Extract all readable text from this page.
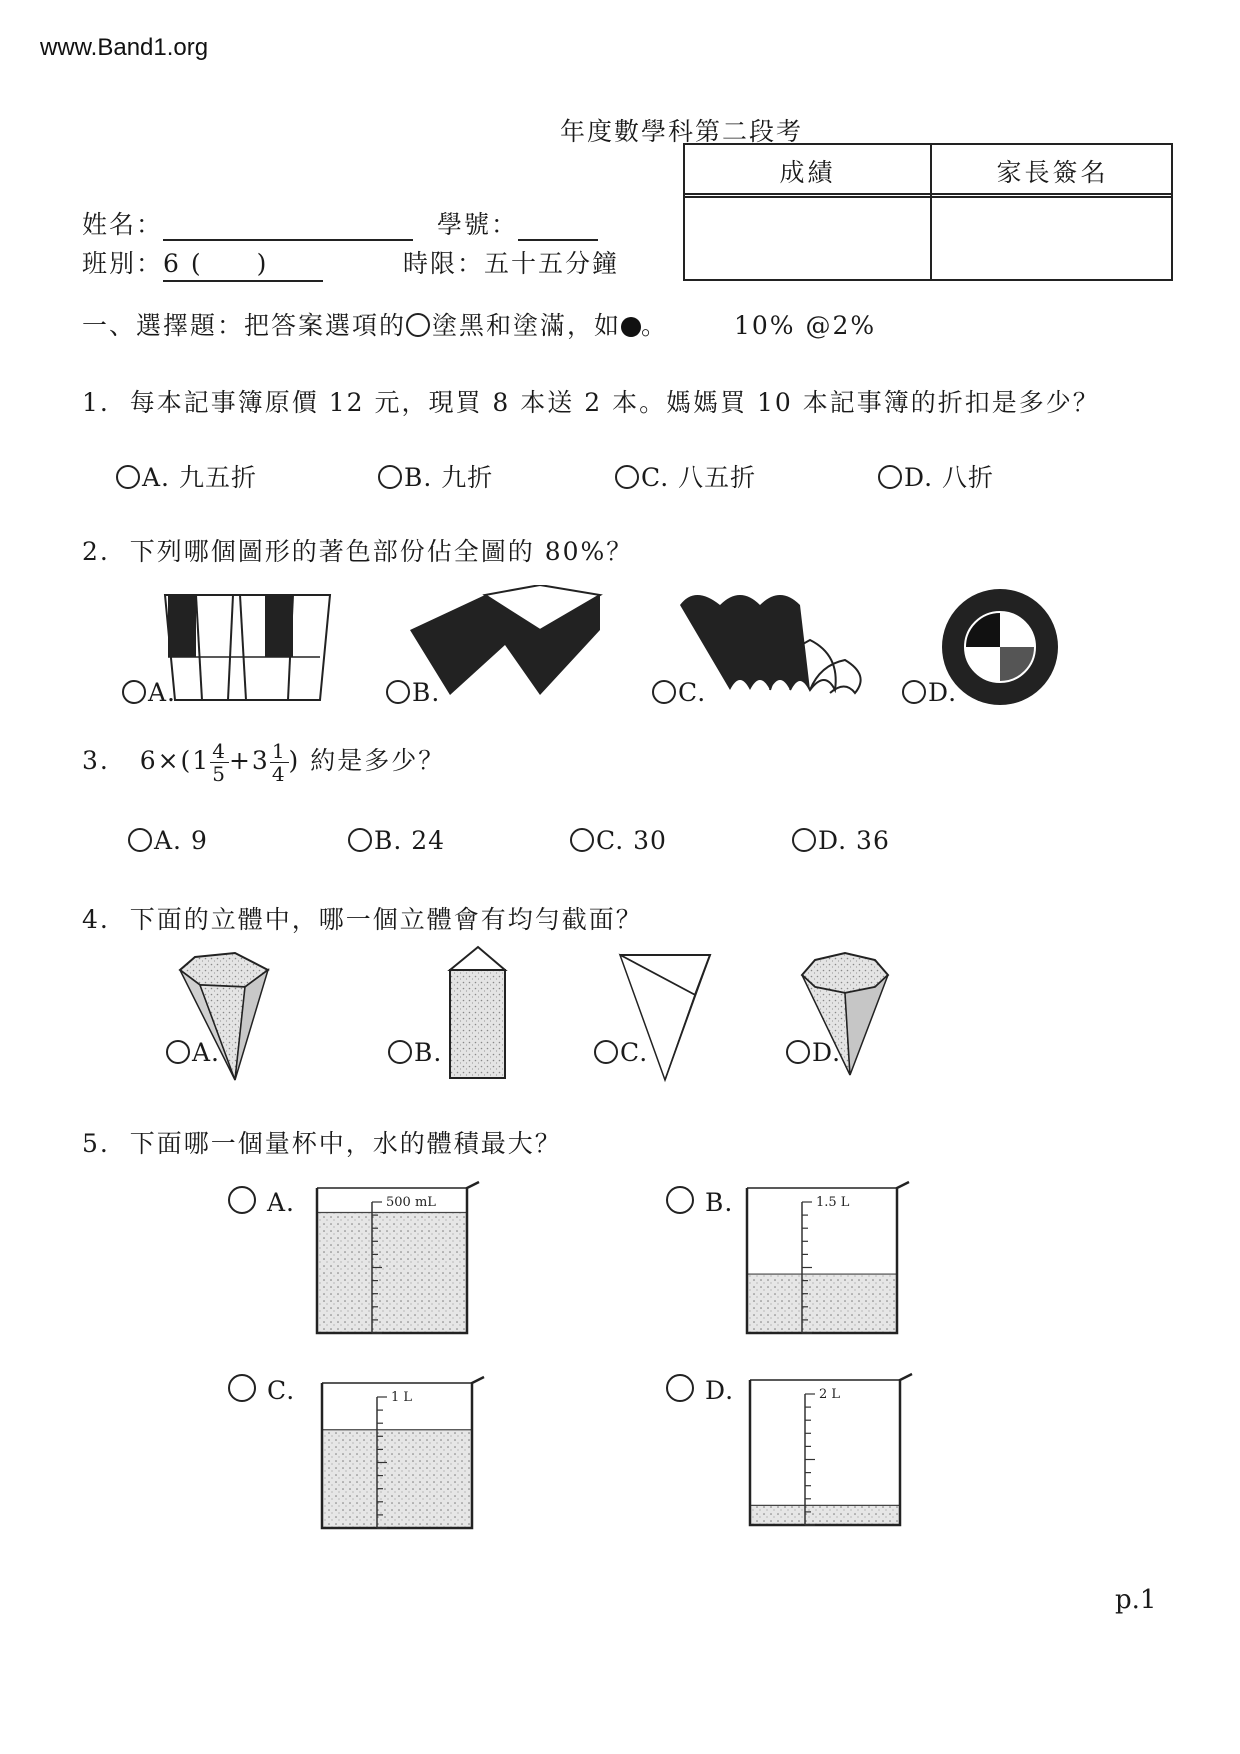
www.Band1.org
年度數學科第二段考
成績	家長簽名
姓名：	學號：
班別：6 (　　)	時限：五十五分鐘
一、選擇題：把答案選項的 塗黑和塗滿，如 。	10% @2%
1. 每本記事簿原價 12 元，現買 8 本送 2 本。媽媽買 10 本記事簿的折扣是多少？
A. 九五折	B. 九折	C. 八五折	D. 八折
2. 下列哪個圖形的著色部份佔全圖的 80%？
A.	B.	C.	D.
3. $6\times(1 \frac{4}{5} +3 \frac{1}{4}$ ) 約是多少？
A. 9	B. 24	C. 30	D. 36
4. 下面的立體中，哪一個立體會有均勻截面？
A.	B.	C.	D.
5. 下面哪一個量杯中，水的體積最大？
A.	B.
C.	D.
500 mL	1.5 L
1 L	2 L
p.1
